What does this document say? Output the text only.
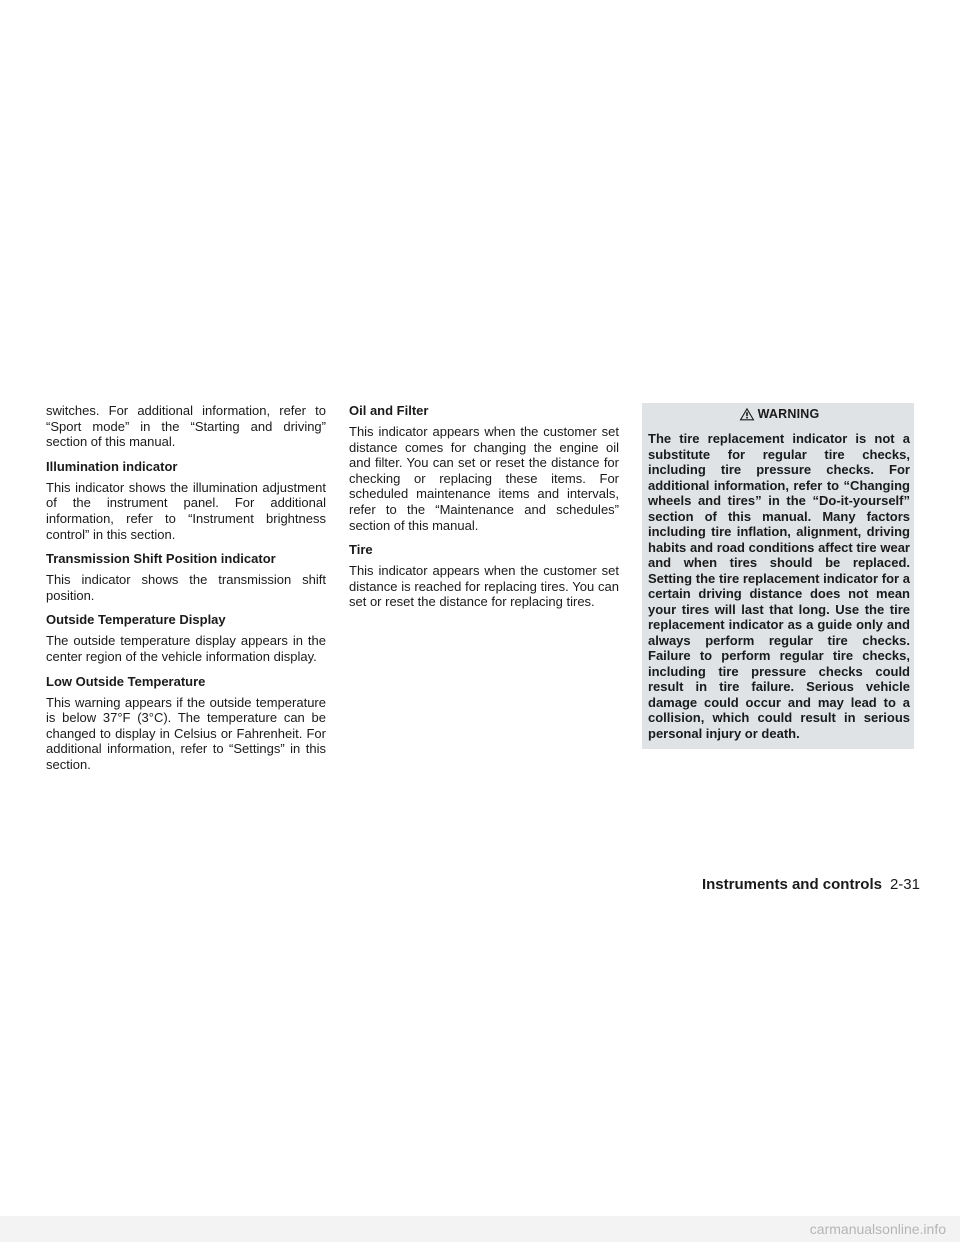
switches. For additional information, refer to “Sport mode” in the “Starting and driving” section of this manual.

Illumination indicator

This indicator shows the illumination adjustment of the instrument panel. For additional information, refer to “Instrument brightness control” in this section.

Transmission Shift Position indicator

This indicator shows the transmission shift position.

Outside Temperature Display

The outside temperature display appears in the center region of the vehicle information display.

Low Outside Temperature

This warning appears if the outside temperature is below 37°F (3°C). The temperature can be changed to display in Celsius or Fahrenheit. For additional information, refer to “Settings” in this section.

Oil and Filter

This indicator appears when the customer set distance comes for changing the engine oil and filter. You can set or reset the distance for checking or replacing these items. For scheduled maintenance items and intervals, refer to the “Maintenance and schedules” section of this manual.

Tire

This indicator appears when the customer set distance is reached for replacing tires. You can set or reset the distance for replacing tires.

WARNING

The tire replacement indicator is not a substitute for regular tire checks, including tire pressure checks. For additional information, refer to “Changing wheels and tires” in the “Do-it-yourself” section of this manual. Many factors including tire inflation, alignment, driving habits and road conditions affect tire wear and when tires should be replaced. Setting the tire replacement indicator for a certain driving distance does not mean your tires will last that long. Use the tire replacement indicator as a guide only and always perform regular tire checks. Failure to perform regular tire checks, including tire pressure checks could result in tire failure. Serious vehicle damage could occur and may lead to a collision, which could result in serious personal injury or death.

Instruments and controls 2-31
carmanualsonline.info
